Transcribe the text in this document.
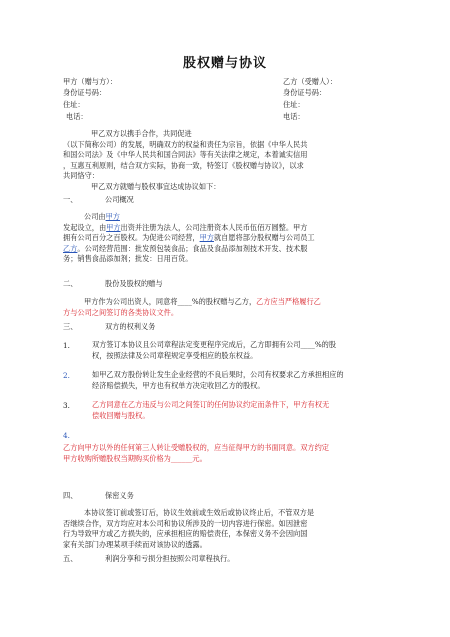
股权赠与协议
甲方（赠与方）：
身份证号码：
住址：
电话：
乙方（受赠人）：
身份证号码：
住址：
电话：

甲乙双方以携手合作，共同促进

（以下简称公司）的发展，明确双方的权益和责任为宗旨，依据《中华人民共

和国公司法》及《中华人民共和国合同法》等有关法律之规定，本着诚实信用

，互惠互利原则，结合双方实际，协商一致，特签订《股权赠与协议》，以求

共同恪守：

甲乙双方就赠与股权事宜达成协议如下：

一、	公司概况

公司由甲方

发起设立，由甲方出资并注册为法人，公司注册资本人民币伍佰万圆整。甲方

拥有公司百分之百股权。为促进公司经营，甲方就自愿将部分股权赠与公司员工

乙方。公司经营范围：批发预包装食品；食品及食品添加剂技术开发、技术服

务；销售食品添加剂；批发：日用百货。

二、	股份及股权的赠与

甲方作为公司出资人，同意将____%的股权赠与乙方，乙方应当严格履行乙

方与公司之间签订的各类协议文件。

三、	双方的权利义务
1.	双方签订本协议且公司章程法定变更程序完成后，乙方即拥有公司____%的股

权，按照法律及公司章程规定享受相应的股东权益。

2.	如甲乙双方股份转让发生企业经营的不良后果时，公司有权要求乙方承担相应的

经济赔偿损失，甲方也有权单方决定收回乙方的股权。

3.	乙方同意在乙方违反与公司之间签订的任何协议约定而条件下，甲方有权无

偿收回赠与股权。

4.

乙方向甲方以外的任何第三人转让受赠股权的，应当征得甲方的书面同意。双方约定

甲方收购所赠股权当期购买价格为______元。

四、	保密义务

本协议签订前或签订后，协议生效前或生效后或协议终止后，不管双方是

否继续合作，双方均应对本公司和协议所涉及的一切内容进行保密。如因泄密

行为导致甲方或乙方损失的，应承担相应的赔偿责任，本保密义务不会因向国

家有关部门办理某项手续而对该协议的透露。

五、	利润分享和亏损分担按照公司章程执行。
